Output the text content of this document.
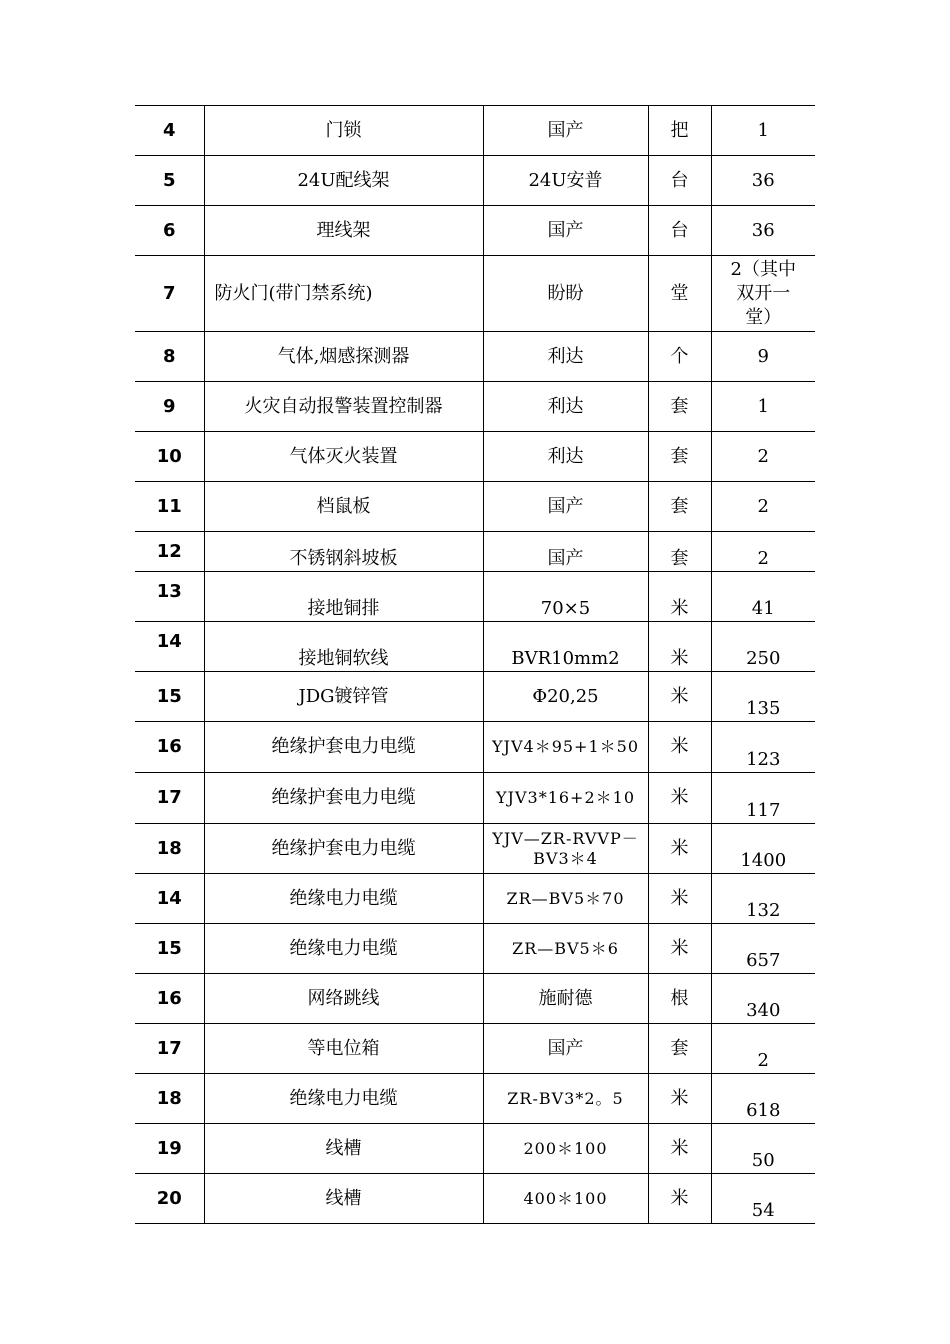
4	门锁	国产	把	1
5	24U配线架	24U安普	台	36
6	理线架	国产	台	36
7	防火门(带门禁系统)	盼盼	堂	2（其中双开一堂）
8	气体,烟感探测器	利达	个	9
9	火灾自动报警装置控制器	利达	套	1
10	气体灭火装置	利达	套	2
11	档鼠板	国产	套	2
12	不锈钢斜坡板	国产	套	2
13	接地铜排	70×5	米	41
14	接地铜软线	BVR10mm2	米	250
15	JDG镀锌管	Φ20,25	米	135
16	绝缘护套电力电缆	YJV4＊95+1＊50	米	123
17	绝缘护套电力电缆	YJV3*16+2＊10	米	117
18	绝缘护套电力电缆	YJV—ZR-RVVP－BV3＊4	米	1400
14	绝缘电力电缆	ZR—BV5＊70	米	132
15	绝缘电力电缆	ZR—BV5＊6	米	657
16	网络跳线	施耐德	根	340
17	等电位箱	国产	套	2
18	绝缘电力电缆	ZR-BV3*2。5	米	618
19	线槽	200＊100	米	50
20	线槽	400＊100	米	54
